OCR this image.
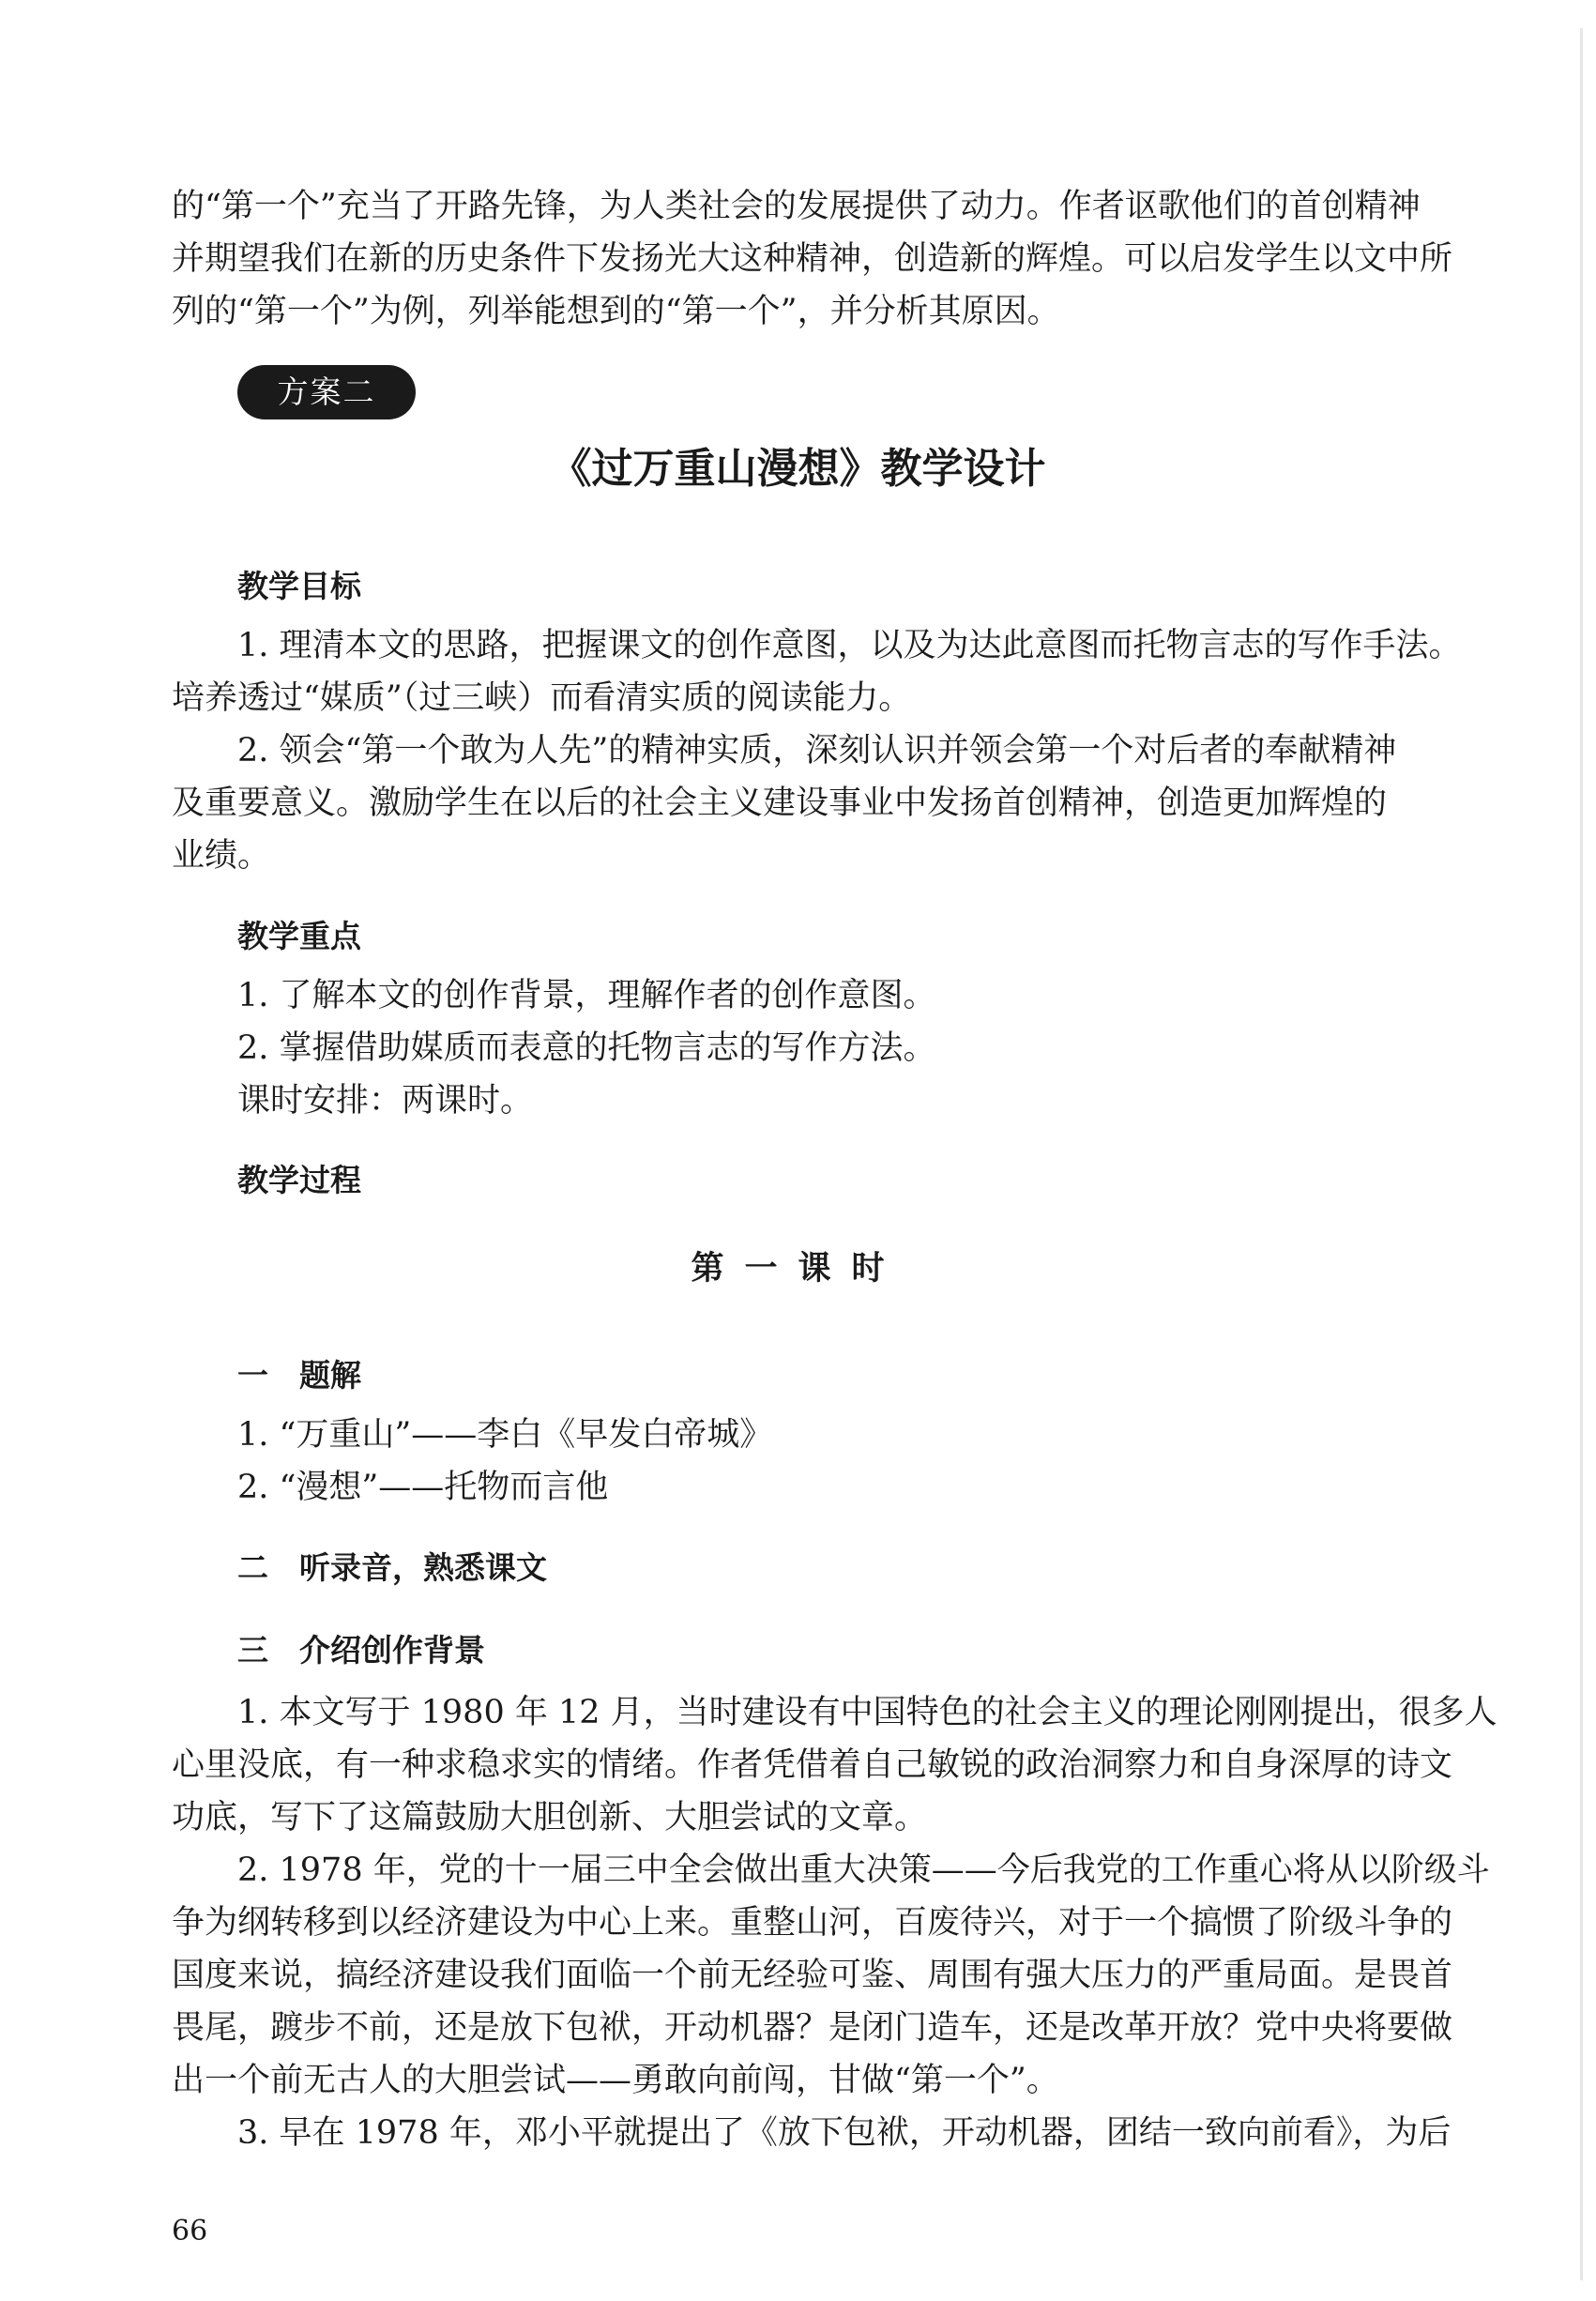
的“第一个”充当了开路先锋，为人类社会的发展提供了动力。作者讴歌他们的首创精神
并期望我们在新的历史条件下发扬光大这种精神，创造新的辉煌。可以启发学生以文中所
列的“第一个”为例，列举能想到的“第一个”，并分析其原因。
方案二
《过万重山漫想》教学设计
教学目标
1. 理清本文的思路，把握课文的创作意图，以及为达此意图而托物言志的写作手法。
培养透过“媒质”（过三峡）而看清实质的阅读能力。
2. 领会“第一个敢为人先”的精神实质，深刻认识并领会第一个对后者的奉献精神
及重要意义。激励学生在以后的社会主义建设事业中发扬首创精神，创造更加辉煌的
业绩。
教学重点
1. 了解本文的创作背景，理解作者的创作意图。
2. 掌握借助媒质而表意的托物言志的写作方法。
课时安排：两课时。
教学过程
第一课时
一　题解
1. “万重山”——李白《早发白帝城》
2. “漫想”——托物而言他
二　听录音，熟悉课文
三　介绍创作背景
1. 本文写于 1980 年 12 月，当时建设有中国特色的社会主义的理论刚刚提出，很多人
心里没底，有一种求稳求实的情绪。作者凭借着自己敏锐的政治洞察力和自身深厚的诗文
功底，写下了这篇鼓励大胆创新、大胆尝试的文章。
2. 1978 年，党的十一届三中全会做出重大决策——今后我党的工作重心将从以阶级斗
争为纲转移到以经济建设为中心上来。重整山河，百废待兴，对于一个搞惯了阶级斗争的
国度来说，搞经济建设我们面临一个前无经验可鉴、周围有强大压力的严重局面。是畏首
畏尾，踱步不前，还是放下包袱，开动机器？是闭门造车，还是改革开放？党中央将要做
出一个前无古人的大胆尝试——勇敢向前闯，甘做“第一个”。
3. 早在 1978 年，邓小平就提出了《放下包袱，开动机器，团结一致向前看》，为后
66
